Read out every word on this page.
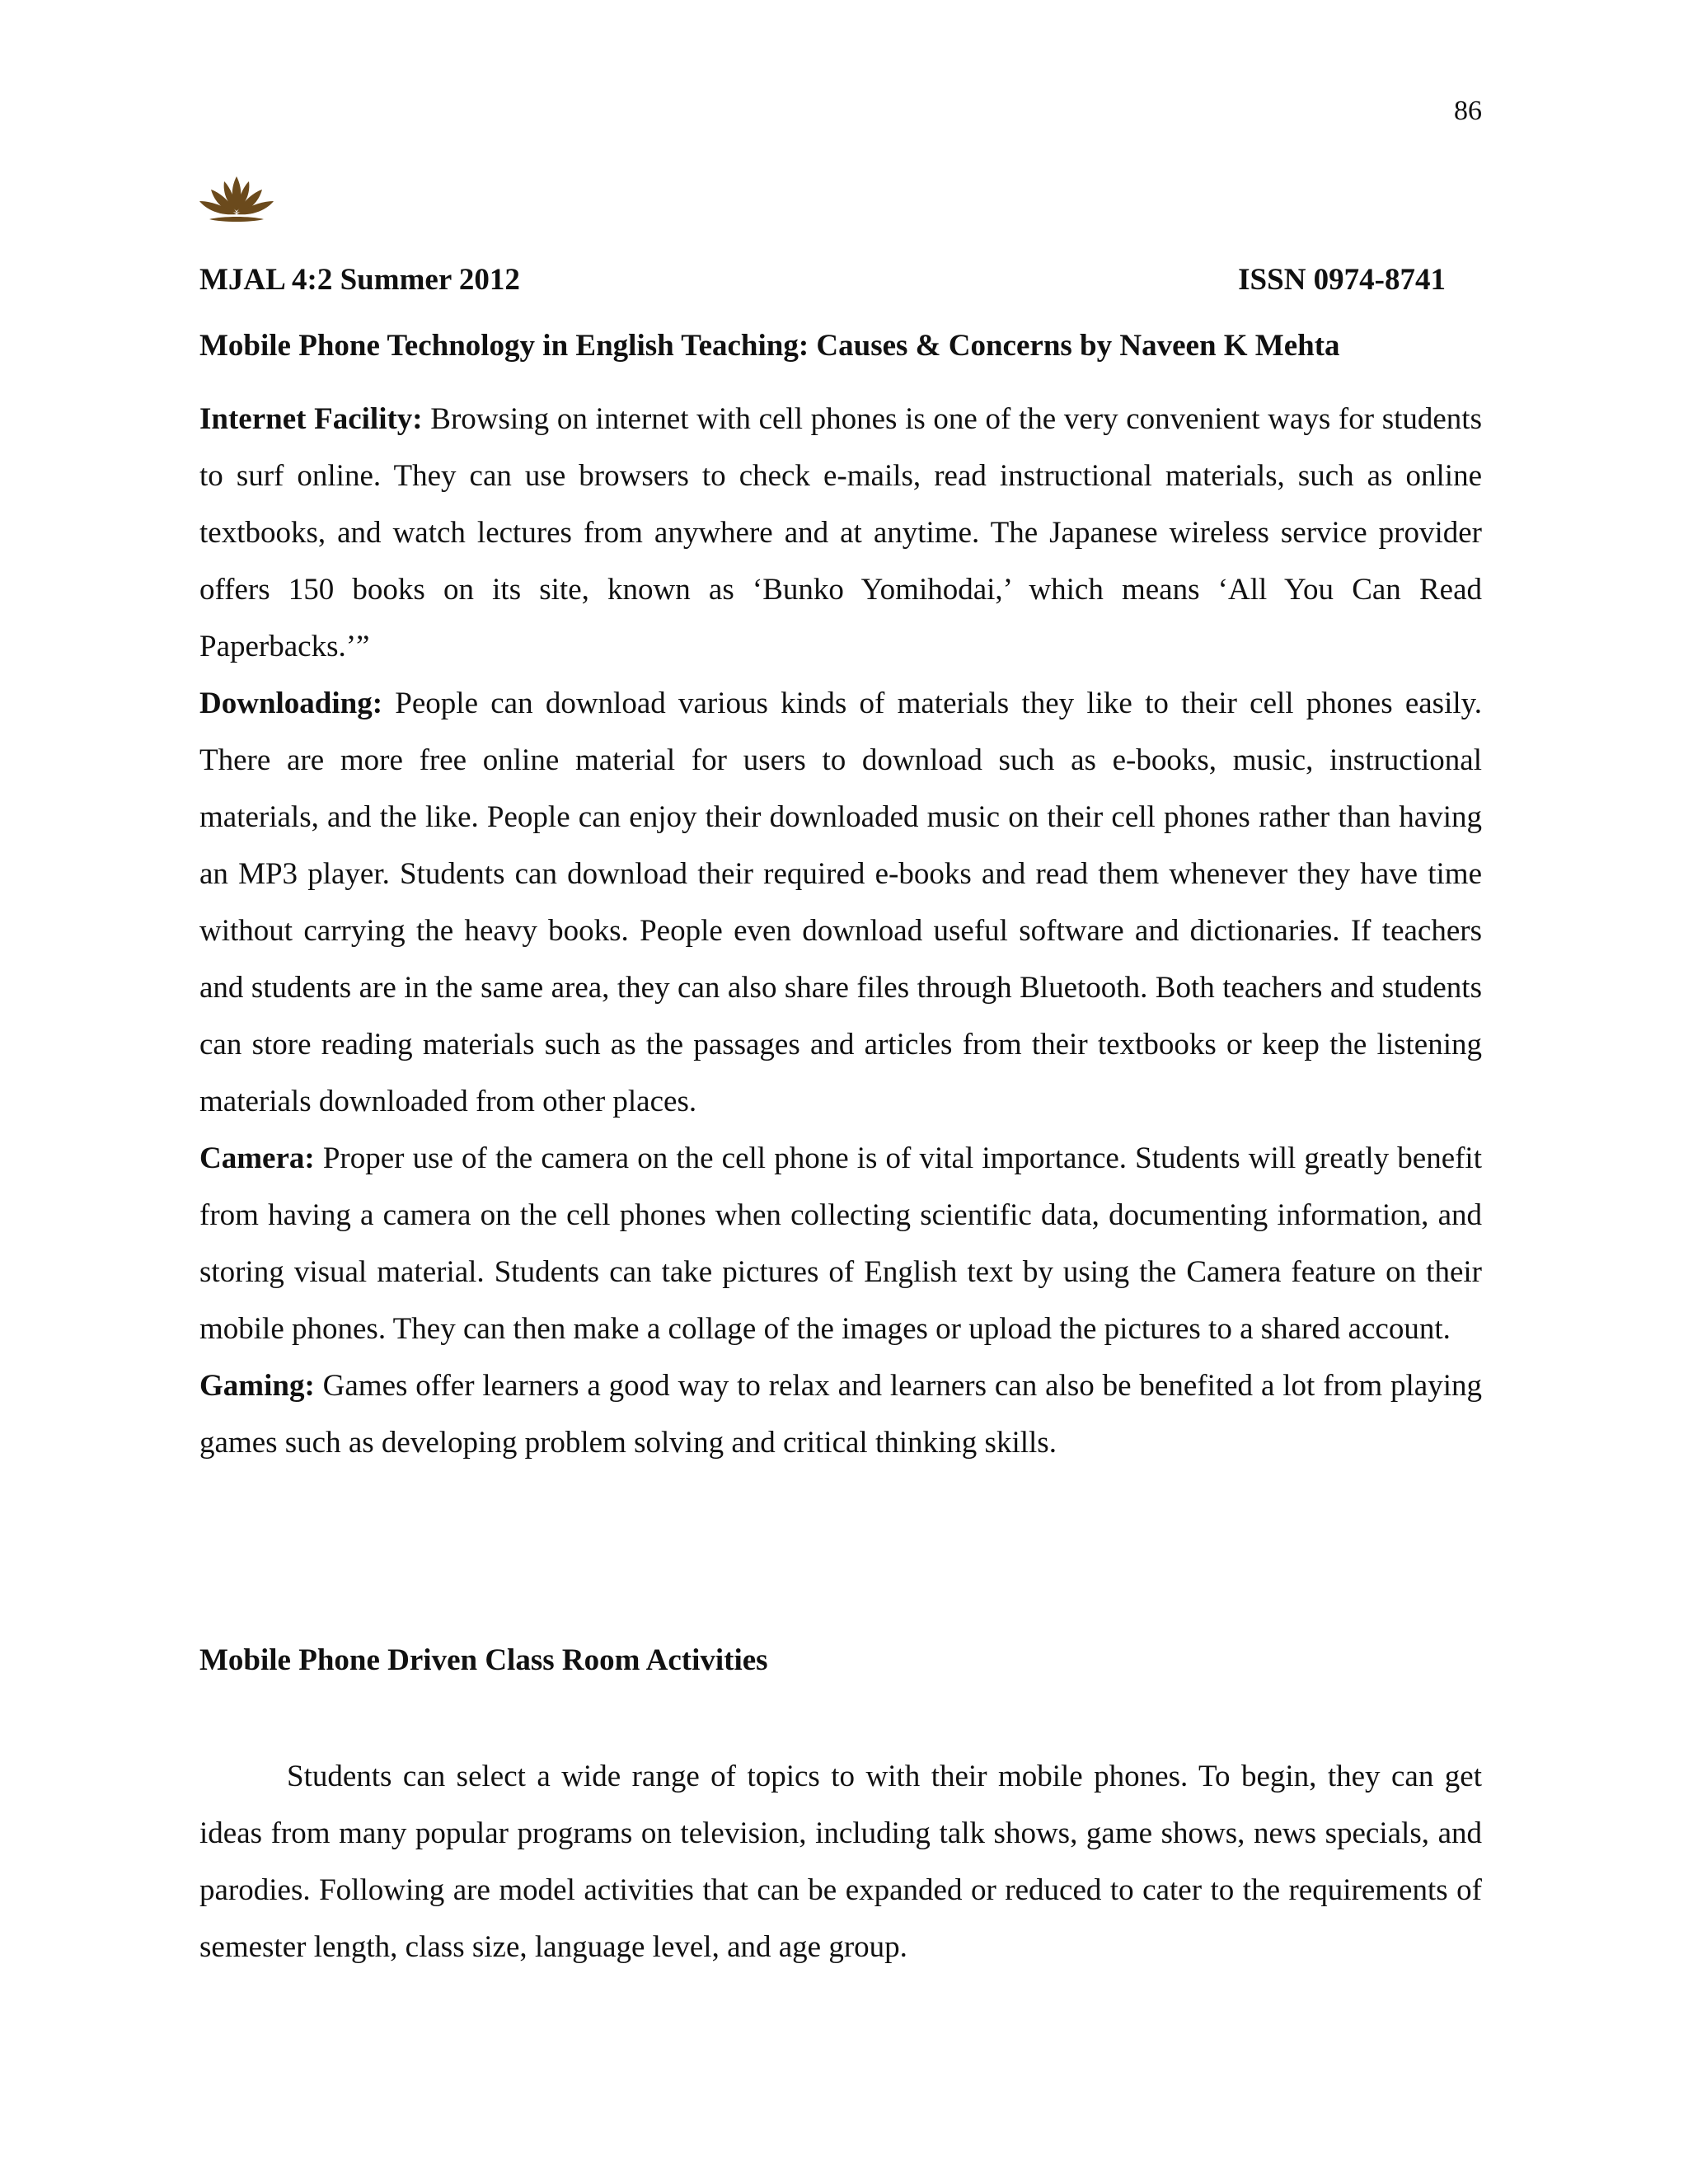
86
MJAL 4:2 Summer 2012	ISSN 0974-8741
Mobile Phone Technology in English Teaching: Causes & Concerns by Naveen K Mehta

Internet Facility: Browsing on internet with cell phones is one of the very convenient ways for students to surf online. They can use browsers to check e-mails, read instructional materials, such as online textbooks, and watch lectures from anywhere and at anytime. The Japanese wireless service provider offers 150 books on its site, known as ‘Bunko Yomihodai,’ which means ‘All You Can Read Paperbacks.’”

Downloading: People can download various kinds of materials they like to their cell phones easily. There are more free online material for users to download such as e-books, music, instructional materials, and the like. People can enjoy their downloaded music on their cell phones rather than having an MP3 player. Students can download their required e-books and read them whenever they have time without carrying the heavy books. People even download useful software and dictionaries. If teachers and students are in the same area, they can also share files through Bluetooth. Both teachers and students can store reading materials such as the passages and articles from their textbooks or keep the listening materials downloaded from other places.

Camera: Proper use of the camera on the cell phone is of vital importance. Students will greatly benefit from having a camera on the cell phones when collecting scientific data, documenting information, and storing visual material. Students can take pictures of English text by using the Camera feature on their mobile phones. They can then make a collage of the images or upload the pictures to a shared account.

Gaming: Games offer learners a good way to relax and learners can also be benefited a lot from playing games such as developing problem solving and critical thinking skills.

Mobile Phone Driven Class Room Activities

Students can select a wide range of topics to with their mobile phones. To begin, they can get ideas from many popular programs on television, including talk shows, game shows, news specials, and parodies. Following are model activities that can be expanded or reduced to cater to the requirements of semester length, class size, language level, and age group.
